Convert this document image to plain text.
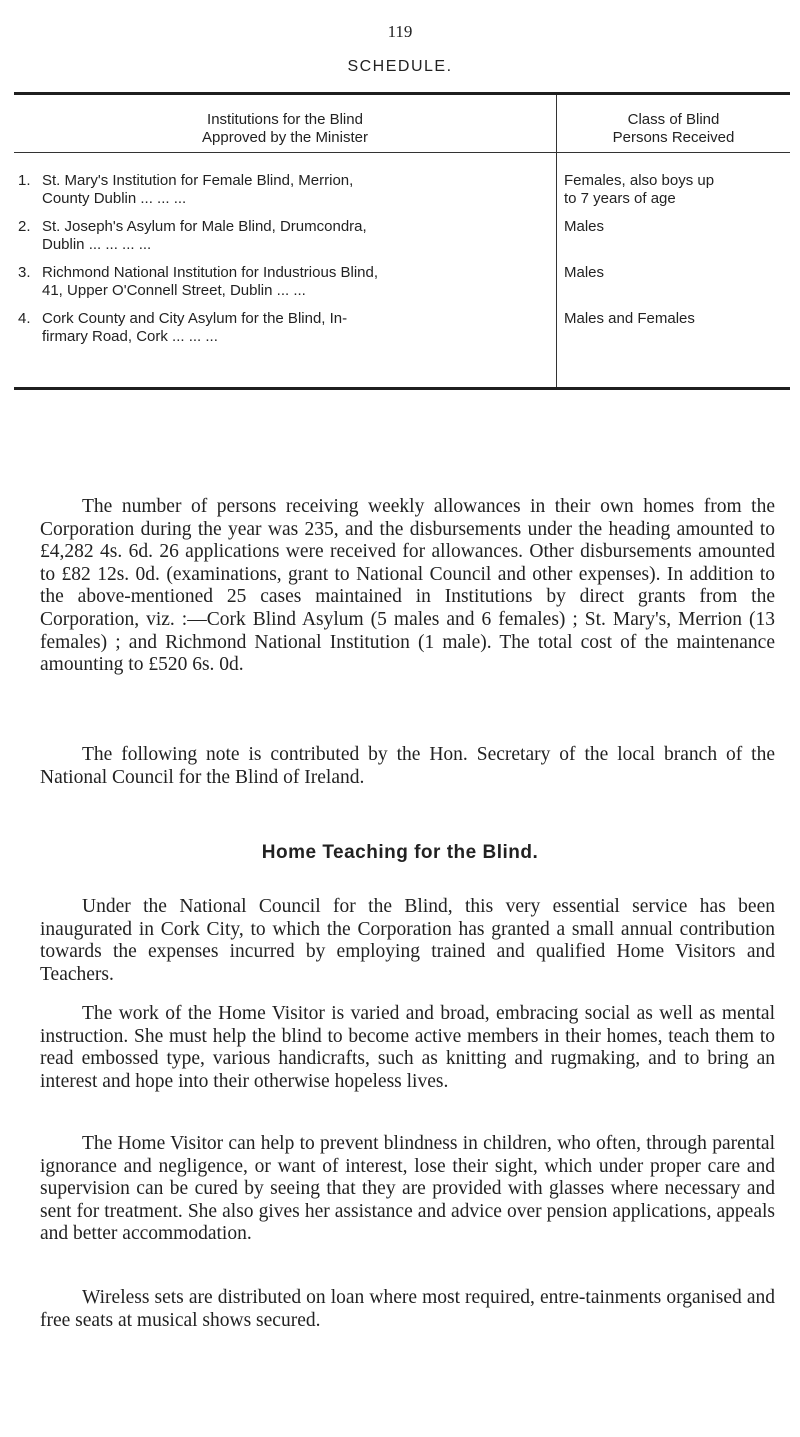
119
SCHEDULE.
Institutions for the Blind
Approved by the Minister
Class of Blind
Persons Received
1. St. Mary's Institution for Female Blind, Merrion,
County Dublin ... ... ...
Females, also boys up
to 7 years of age
2. St. Joseph's Asylum for Male Blind, Drumcondra,
Dublin ... ... ... ...
Males
3. Richmond National Institution for Industrious Blind,
41, Upper O'Connell Street, Dublin ... ...
Males
4. Cork County and City Asylum for the Blind, In-
firmary Road, Cork ... ... ...
Males and Females

The number of persons receiving weekly allowances in their own homes from the Corporation during the year was 235, and the disbursements under the heading amounted to £4,282 4s. 6d. 26 applications were received for allowances. Other disbursements amounted to £82 12s. 0d. (examinations, grant to National Council and other expenses). In addition to the above-mentioned 25 cases maintained in Institutions by direct grants from the Corporation, viz. :—Cork Blind Asylum (5 males and 6 females) ; St. Mary's, Merrion (13 females) ; and Richmond National Institution (1 male). The total cost of the maintenance amounting to £520 6s. 0d.

The following note is contributed by the Hon. Secretary of the local branch of the National Council for the Blind of Ireland.

Home Teaching for the Blind.

Under the National Council for the Blind, this very essential service has been inaugurated in Cork City, to which the Corporation has granted a small annual contribution towards the expenses incurred by employing trained and qualified Home Visitors and Teachers.

The work of the Home Visitor is varied and broad, embracing social as well as mental instruction. She must help the blind to become active members in their homes, teach them to read embossed type, various handicrafts, such as knitting and rugmaking, and to bring an interest and hope into their otherwise hopeless lives.

The Home Visitor can help to prevent blindness in children, who often, through parental ignorance and negligence, or want of interest, lose their sight, which under proper care and supervision can be cured by seeing that they are provided with glasses where necessary and sent for treatment. She also gives her assistance and advice over pension applications, appeals and better accommodation.

Wireless sets are distributed on loan where most required, entre-tainments organised and free seats at musical shows secured.
